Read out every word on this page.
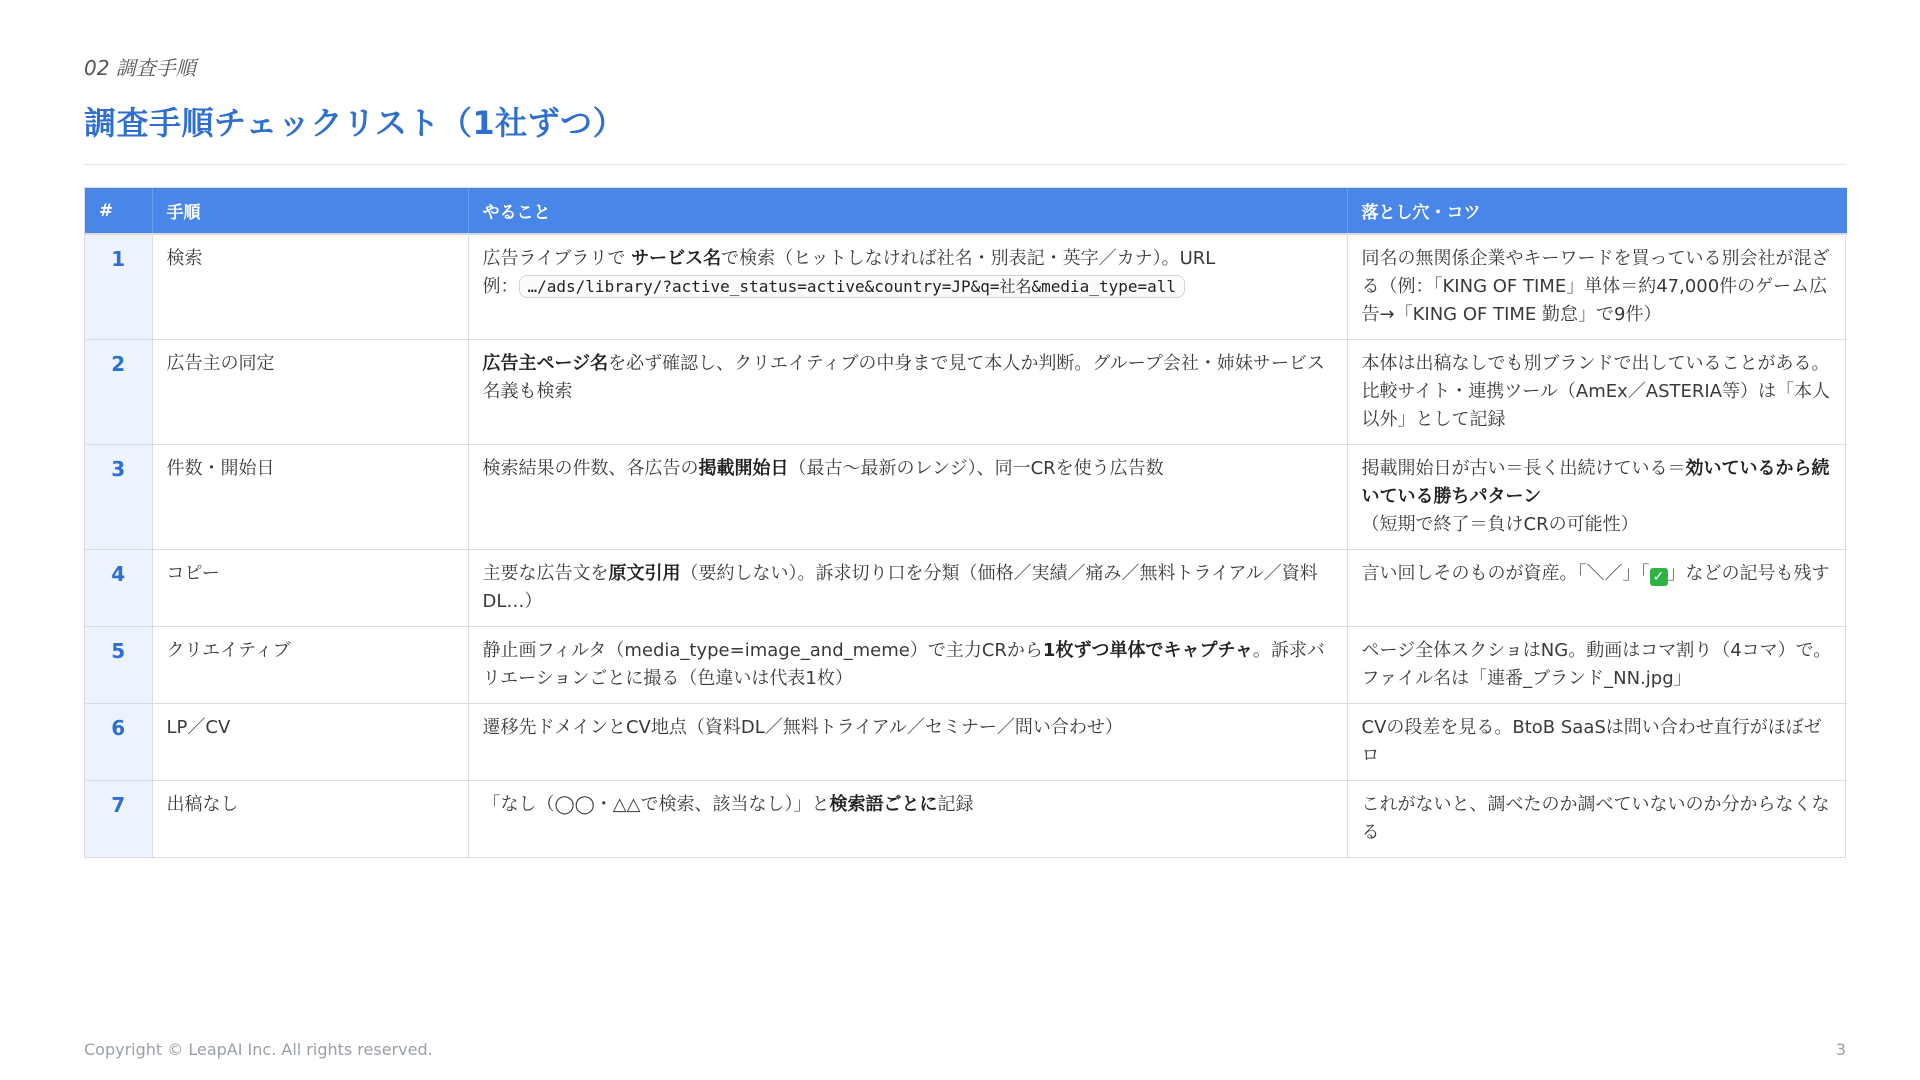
02 調査手順
調査手順チェックリスト（1社ずつ）
#	手順	やること	落とし穴・コツ
1	検索	広告ライブラリで サービス名で検索（ヒットしなければ社名・別表記・英字／カナ）。URL
例： …/ads/library/?active_status=active&country=JP&q=社名&media_type=all	同名の無関係企業やキーワードを買っている別会社が混ざる（例：「KING OF TIME」単体＝約47,000件のゲーム広告→「KING OF TIME 勤怠」で9件）
2	広告主の同定	広告主ページ名を必ず確認し、クリエイティブの中身まで見て本人か判断。グループ会社・姉妹サービス名義も検索	本体は出稿なしでも別ブランドで出していることがある。比較サイト・連携ツール（AmEx／ASTERIA等）は「本人以外」として記録
3	件数・開始日	検索結果の件数、各広告の掲載開始日（最古〜最新のレンジ）、同一CRを使う広告数	掲載開始日が古い＝長く出続けている＝効いているから続いている勝ちパターン
（短期で終了＝負けCRの可能性）
4	コピー	主要な広告文を原文引用（要約しない）。訴求切り口を分類（価格／実績／痛み／無料トライアル／資料DL…）	言い回しそのものが資産。「＼／」「 ✓ 」などの記号も残す
5	クリエイティブ	静止画フィルタ（media_type=image_and_meme）で主力CRから1枚ずつ単体でキャプチャ。訴求バリエーションごとに撮る（色違いは代表1枚）	ページ全体スクショはNG。動画はコマ割り（4コマ）で。ファイル名は「連番_ブランド_NN.jpg」
6	LP／CV	遷移先ドメインとCV地点（資料DL／無料トライアル／セミナー／問い合わせ）	CVの段差を見る。BtoB SaaSは問い合わせ直行がほぼゼロ
7	出稿なし	「なし（◯◯・△△で検索、該当なし）」と検索語ごとに記録	これがないと、調べたのか調べていないのか分からなくなる
Copyright © LeapAI Inc. All rights reserved.	3
